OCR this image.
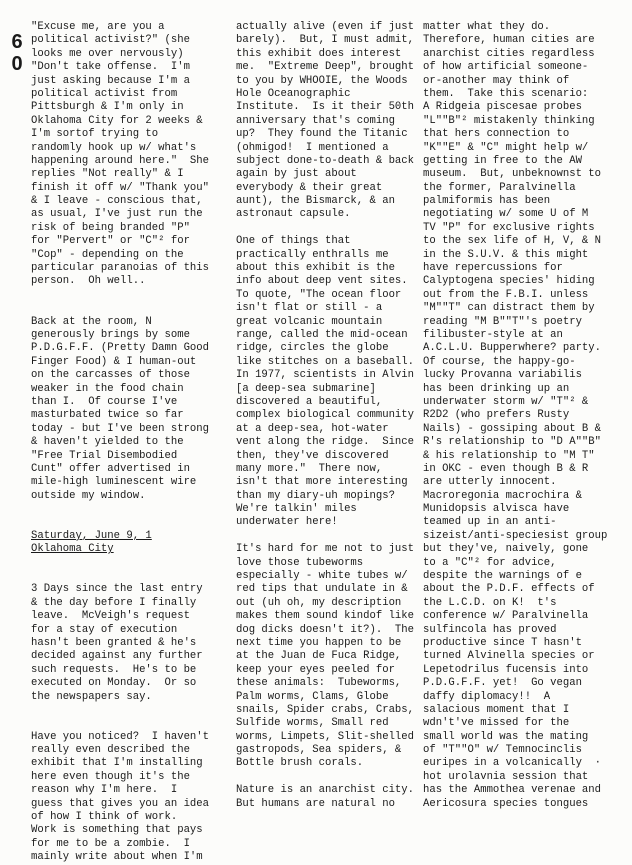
6
0
"Excuse me, are you a
political activist?" (she
looks me over nervously)
"Don't take offense.  I'm
just asking because I'm a
political activist from
Pittsburgh & I'm only in
Oklahoma City for 2 weeks &
I'm sortof trying to
randomly hook up w/ what's
happening around here."  She
replies "Not really" & I
finish it off w/ "Thank you"
& I leave - conscious that,
as usual, I've just run the
risk of being branded "P"
for "Pervert" or "C"² for
"Cop" - depending on the
particular paranoias of this
person.  Oh well..
Back at the room, N
generously brings by some
P.D.G.F.F. (Pretty Damn Good
Finger Food) & I human-out
on the carcasses of those
weaker in the food chain
than I.  Of course I've
masturbated twice so far
today - but I've been strong
& haven't yielded to the
"Free Trial Disembodied
Cunt" offer advertised in
mile-high luminescent wire
outside my window.
Saturday, June 9, 1
Oklahoma City
3 Days since the last entry
& the day before I finally
leave.  McVeigh's request
for a stay of execution
hasn't been granted & he's
decided against any further
such requests.  He's to be
executed on Monday.  Or so
the newspapers say.
Have you noticed?  I haven't
really even described the
exhibit that I'm installing
here even though it's the
reason why I'm here.  I
guess that gives you an idea
of how I think of work.
Work is something that pays
for me to be a zombie.  I
mainly write about when I'm
actually alive (even if just
barely).  But, I must admit,
this exhibit does interest
me.  "Extreme Deep", brought
to you by WHOOIE, the Woods
Hole Oceanographic
Institute.  Is it their 50th
anniversary that's coming
up?  They found the Titanic
(ohmigod!  I mentioned a
subject done-to-death & back
again by just about
everybody & their great
aunt), the Bismarck, & an
astronaut capsule.
One of things that
practically enthralls me
about this exhibit is the
info about deep vent sites.
To quote, "The ocean floor
isn't flat or still - a
great volcanic mountain
range, called the mid-ocean
ridge, circles the globe
like stitches on a baseball.
In 1977, scientists in Alvin
[a deep-sea submarine]
discovered a beautiful,
complex biological community
at a deep-sea, hot-water
vent along the ridge.  Since
then, they've discovered
many more."  There now,
isn't that more interesting
than my diary-uh mopings?
We're talkin' miles
underwater here!
It's hard for me not to just
love those tubeworms
especially - white tubes w/
red tips that undulate in &
out (uh oh, my description
makes them sound kindof like
dog dicks doesn't it?).  The
next time you happen to be
at the Juan de Fuca Ridge,
keep your eyes peeled for
these animals:  Tubeworms,
Palm worms, Clams, Globe
snails, Spider crabs, Crabs,
Sulfide worms, Small red
worms, Limpets, Slit-shelled
gastropods, Sea spiders, &
Bottle brush corals.
Nature is an anarchist city.
But humans are natural no
matter what they do.
Therefore, human cities are
anarchist cities regardless
of how artificial someone-
or-another may think of
them.  Take this scenario:
A Ridgeia piscesae probes
"L""B"² mistakenly thinking
that hers connection to
"K""E" & "C" might help w/
getting in free to the AW
museum.  But, unbeknownst to
the former, Paralvinella
palmiformis has been
negotiating w/ some U of M
TV "P" for exclusive rights
to the sex life of H, V, & N
in the S.U.V. & this might
have repercussions for
Calyptogena species' hiding
out from the F.B.I. unless
"M""T" can distract them by
reading "M B""T"'s poetry
filibuster-style at an
A.C.L.U. Bupperwhere? party.
Of course, the happy-go-
lucky Provanna variabilis
has been drinking up an
underwater storm w/ "T"² &
R2D2 (who prefers Rusty
Nails) - gossiping about B &
R's relationship to "D A""B"
& his relationship to "M T"
in OKC - even though B & R
are utterly innocent.
Macroregonia macrochira &
Munidopsis alvisca have
teamed up in an anti-
sizeist/anti-speciesist group
but they've, naively, gone
to a "C"² for advice,
despite the warnings of e
about the P.D.F. effects of
the L.C.D. on K!  t's
conference w/ Paralvinella
sulfincola has proved
productive since T hasn't
turned Alvinella species or
Lepetodrilus fucensis into
P.D.G.F.F. yet!  Go vegan
daffy diplomacy!!  A
salacious moment that I
wdn't've missed for the
small world was the mating
of "T""O" w/ Temnocinclis
euripes in a volcanically  ·
hot urolavnia session that
has the Ammothea verenae and
Aericosura species tongues
